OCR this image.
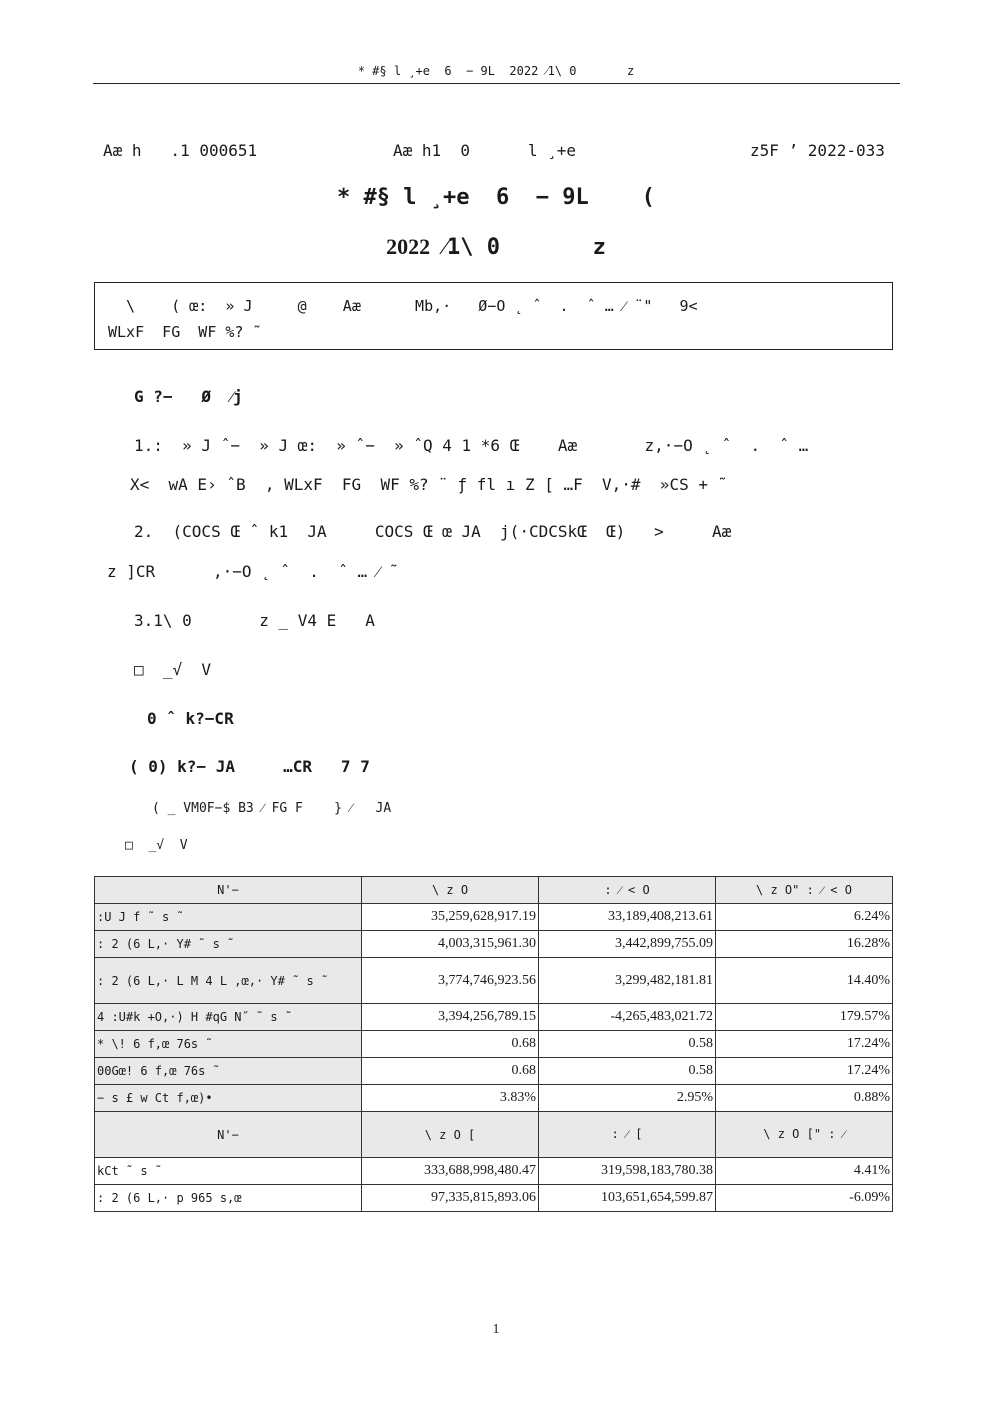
* #§ l ¸+e  6  − 9L  2022 ⁄1\ 0       z
Aæ h   .1 000651	Aæ h1  0      l ¸+e	z5F ’ 2022-033
* #§ l ¸+e  6  − 9L    (
2022 ⁄1\ 0       z
\    ( œ:  » J     @    Aæ      Mb,·   Ø−O ˛ ˆ  .  ˆ … ⁄ ¨"   9<
WLxF  FG  WF %? ˜
G ?−   Ø  ⁄j
1.:  » J ˆ−  » J œ:  » ˆ−  » ˆQ 4 1 *6 Œ    Aæ       z,·−O ˛ ˆ  .  ˆ …
X<  wA E› ˆB  , WLxF  FG  WF %? ¨ ƒ fl ı Z [ …F  V,·#  »CS + ˜
2.  (COCS Œ ˆ k1  JA     COCS Œ œ JA  j(·CDCSkŒ  Œ)   >     Aæ
z ]CR      ,·−O ˛ ˆ  .  ˆ … ⁄ ˜
3.1\ 0       z _ V4 E   A
□  _√  V
0 ˆ k?−CR
( 0) k?− JA     …CR   7 7
( _ VM0F−$ B3 ⁄ FG F    } ⁄   JA
□  _√  V
N'−	\ z O	: ⁄ < O	\ z O" : ⁄ < O
:U J f ˜ s ˜	35,259,628,917.19	33,189,408,213.61	6.24%
: 2 (6 L,· Y# ˜ s ˜	4,003,315,961.30	3,442,899,755.09	16.28%
: 2 (6 L,· L M 4 L ,œ,· Y# ˜ s ˜	3,774,746,923.56	3,299,482,181.81	14.40%
4 :U#k +O,·) H #qG N˝ ˜ s ˜	3,394,256,789.15	-4,265,483,021.72	179.57%
* \! 6 f,œ 76s ˜	0.68	0.58	17.24%
00Gœ! 6 f,œ 76s ˜	0.68	0.58	17.24%
− s £ w Ct f,œ)•	3.83%	2.95%	0.88%
N'−	\ z O [	: ⁄ [	\ z O [" : ⁄
kCt ˜ s ˜	333,688,998,480.47	319,598,183,780.38	4.41%
: 2 (6 L,· p 965 s,œ	97,335,815,893.06	103,651,654,599.87	-6.09%
1
